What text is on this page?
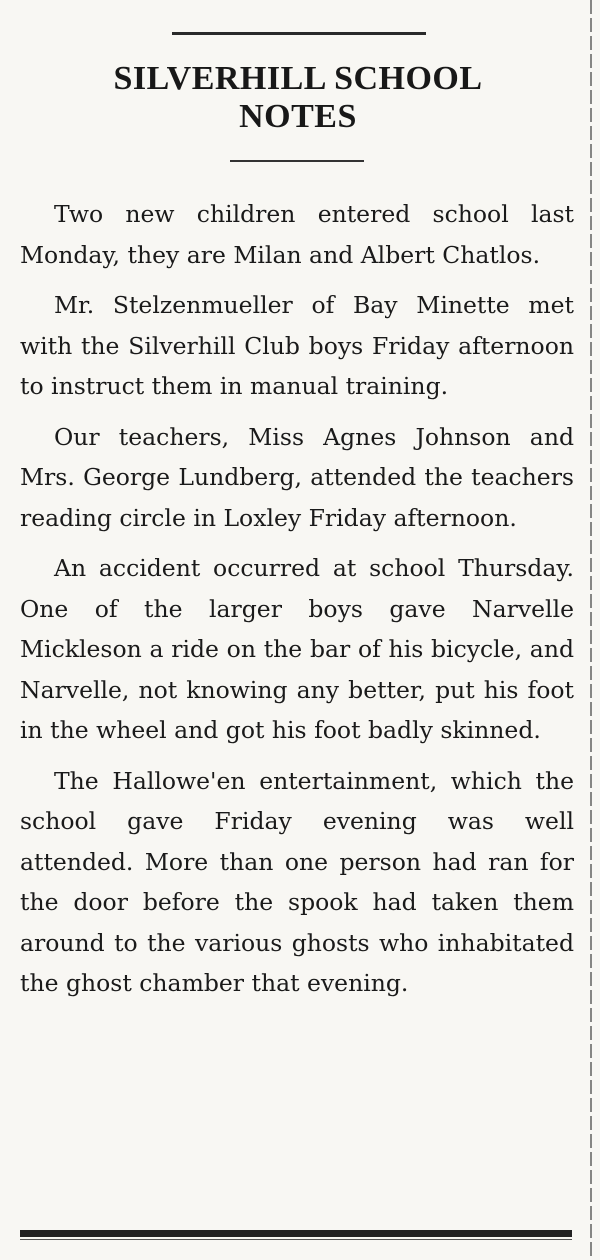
SILVERHILL SCHOOL
NOTES

Two new children entered school last Monday, they are Milan and Albert Chatlos.

Mr. Stelzenmueller of Bay Minette met with the Silverhill Club boys Friday afternoon to instruct them in manual training.

Our teachers, Miss Agnes Johnson and Mrs. George Lundberg, attended the teachers reading circle in Loxley Friday afternoon.

An accident occurred at school Thursday. One of the larger boys gave Narvelle Mickleson a ride on the bar of his bicycle, and Narvelle, not knowing any better, put his foot in the wheel and got his foot badly skinned.

The Hallowe'en entertainment, which the school gave Friday evening was well attended. More than one person had ran for the door before the spook had taken them around to the various ghosts who inhabitated the ghost chamber that evening.
